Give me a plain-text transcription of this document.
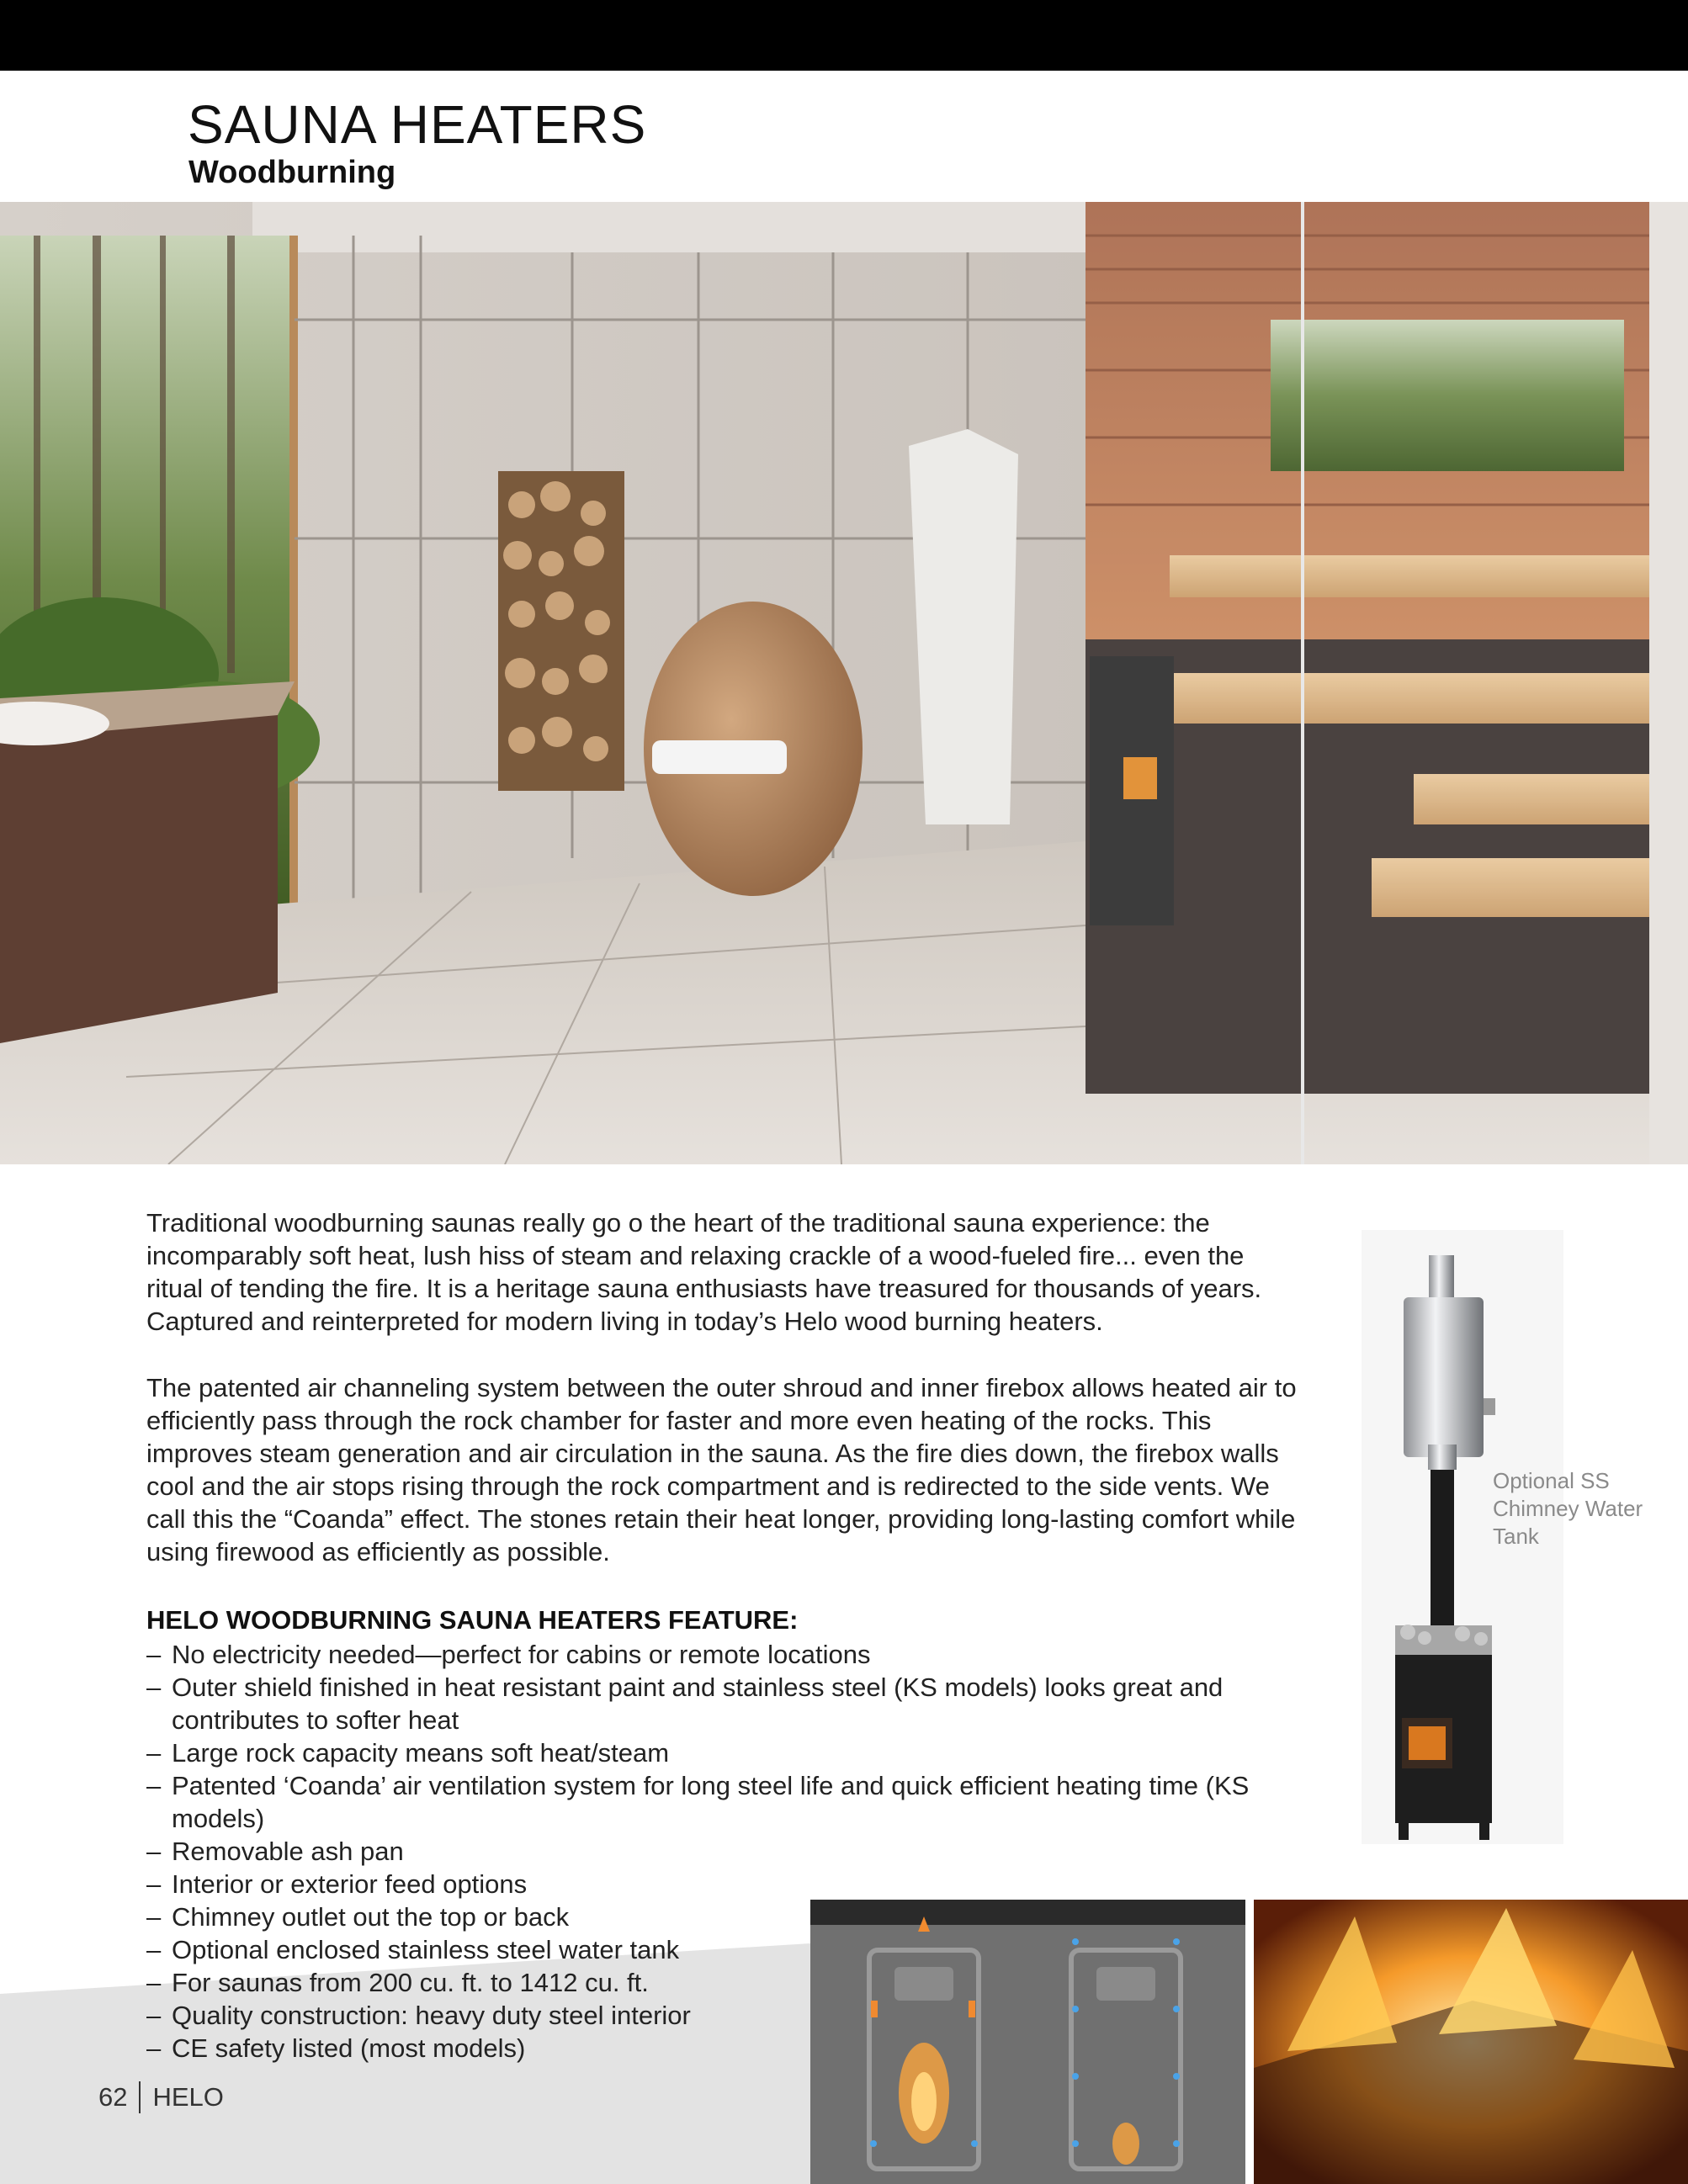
SAUNA HEATERS
Woodburning
Traditional woodburning saunas really go o the heart of the traditional sauna experience: the incomparably soft heat, lush hiss of steam and relaxing crackle of a wood-fueled fire... even the ritual of tending the fire. It is a heritage sauna enthusiasts have treasured for thousands of years. Captured and reinterpreted for modern living in today’s Helo wood burning heaters.
The patented air channeling system between the outer shroud and inner firebox allows heated air to efficiently pass through the rock chamber for faster and more even heating of the rocks. This improves steam generation and air circulation in the sauna. As the fire dies down, the firebox walls cool and the air stops rising through the rock compartment and is redirected to the side vents. We call this the “Coanda” effect. The stones retain their heat longer, providing long-lasting comfort while using firewood as efficiently as possible.
HELO WOODBURNING SAUNA HEATERS FEATURE:
– No electricity needed—perfect for cabins or remote locations
– Outer shield finished in heat resistant paint and stainless steel (KS models) looks great and contributes to softer heat
– Large rock capacity means soft heat/steam
– Patented ‘Coanda’ air ventilation system for long steel life and quick efficient heating time (KS models)
– Removable ash pan
– Interior or exterior feed options
– Chimney outlet out the top or back
– Optional enclosed stainless steel water tank
– For saunas from 200 cu. ft. to 1412 cu. ft.
– Quality construction: heavy duty steel interior
– CE safety listed (most models)
Optional SS Chimney Water Tank
62 HELO
